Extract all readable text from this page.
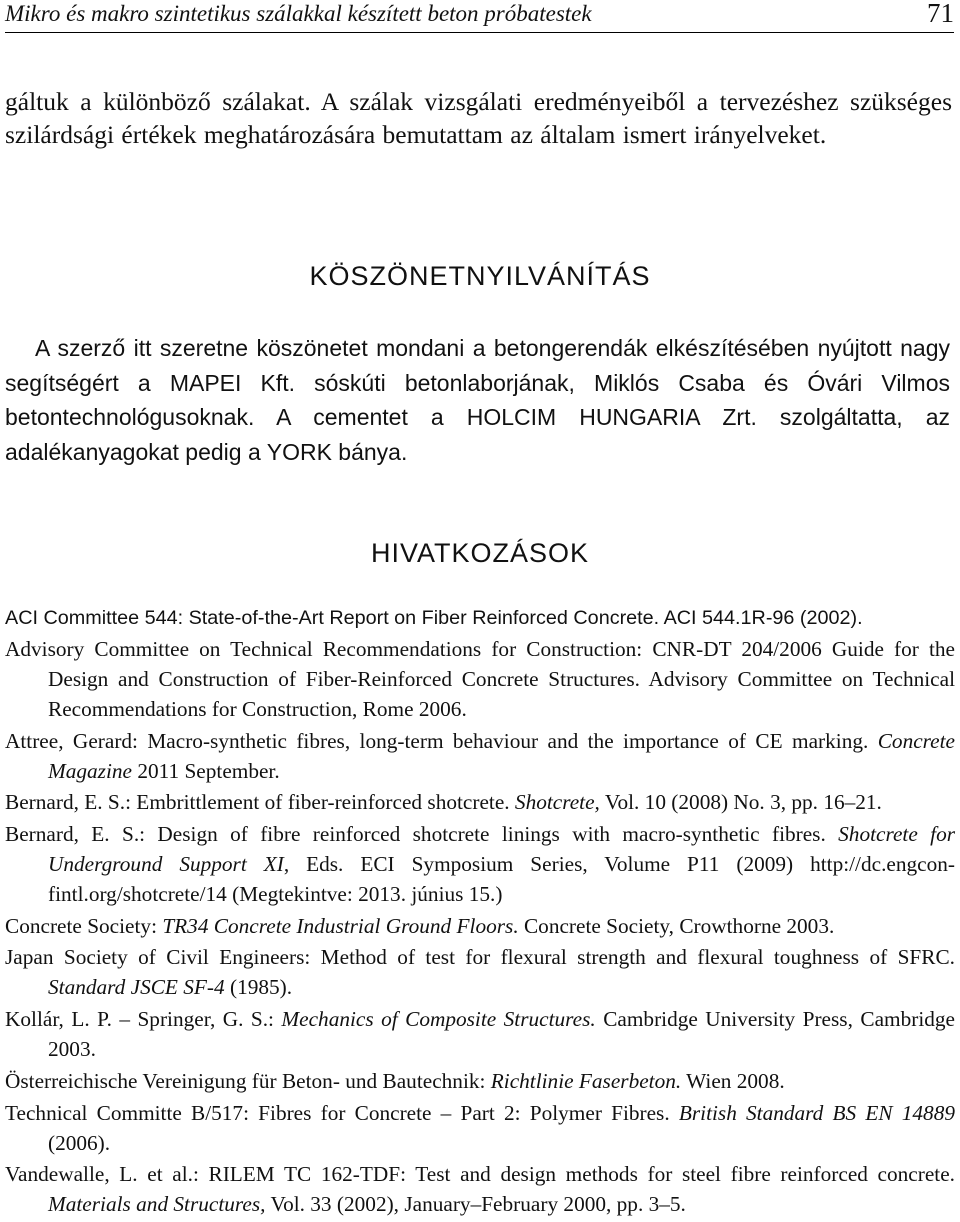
Mikro és makro szintetikus szálakkal készített beton próbatestek	71

gáltuk a különböző szálakat. A szálak vizsgálati eredményeiből a tervezéshez szükséges szilárdsági értékek meghatározására bemutattam az általam ismert irányelveket.

KÖSZÖNETNYILVÁNÍTÁS

A szerző itt szeretne köszönetet mondani a betongerendák elkészítésében nyújtott nagy segítségért a MAPEI Kft. sóskúti betonlaborjának, Miklós Csaba és Óvári Vilmos betontechnológusoknak. A cementet a HOLCIM HUNGARIA Zrt. szolgáltatta, az adalékanyagokat pedig a YORK bánya.

HIVATKOZÁSOK
ACI Committee 544: State-of-the-Art Report on Fiber Reinforced Concrete. ACI 544.1R-96 (2002).
Advisory Committee on Technical Recommendations for Construction: CNR-DT 204/2006 Guide for the Design and Construction of Fiber-Reinforced Concrete Structures. Advisory Committee on Technical Recommendations for Construction, Rome 2006.
Attree, Gerard: Macro-synthetic fibres, long-term behaviour and the importance of CE marking. Concrete Magazine 2011 September.
Bernard, E. S.: Embrittlement of fiber-reinforced shotcrete. Shotcrete, Vol. 10 (2008) No. 3, pp. 16–21.
Bernard, E. S.: Design of fibre reinforced shotcrete linings with macro-synthetic fibres. Shotcrete for Underground Support XI, Eds. ECI Symposium Series, Volume P11 (2009) http://dc.engconfintl.org/shotcrete/14 (Megtekintve: 2013. június 15.)
Concrete Society: TR34 Concrete Industrial Ground Floors. Concrete Society, Crowthorne 2003.
Japan Society of Civil Engineers: Method of test for flexural strength and flexural toughness of SFRC. Standard JSCE SF-4 (1985).
Kollár, L. P. – Springer, G. S.: Mechanics of Composite Structures. Cambridge University Press, Cambridge 2003.
Österreichische Vereinigung für Beton- und Bautechnik: Richtlinie Faserbeton. Wien 2008.
Technical Committe B/517: Fibres for Concrete – Part 2: Polymer Fibres. British Standard BS EN 14889 (2006).
Vandewalle, L. et al.: RILEM TC 162-TDF: Test and design methods for steel fibre reinforced concrete. Materials and Structures, Vol. 33 (2002), January–February 2000, pp. 3–5.
